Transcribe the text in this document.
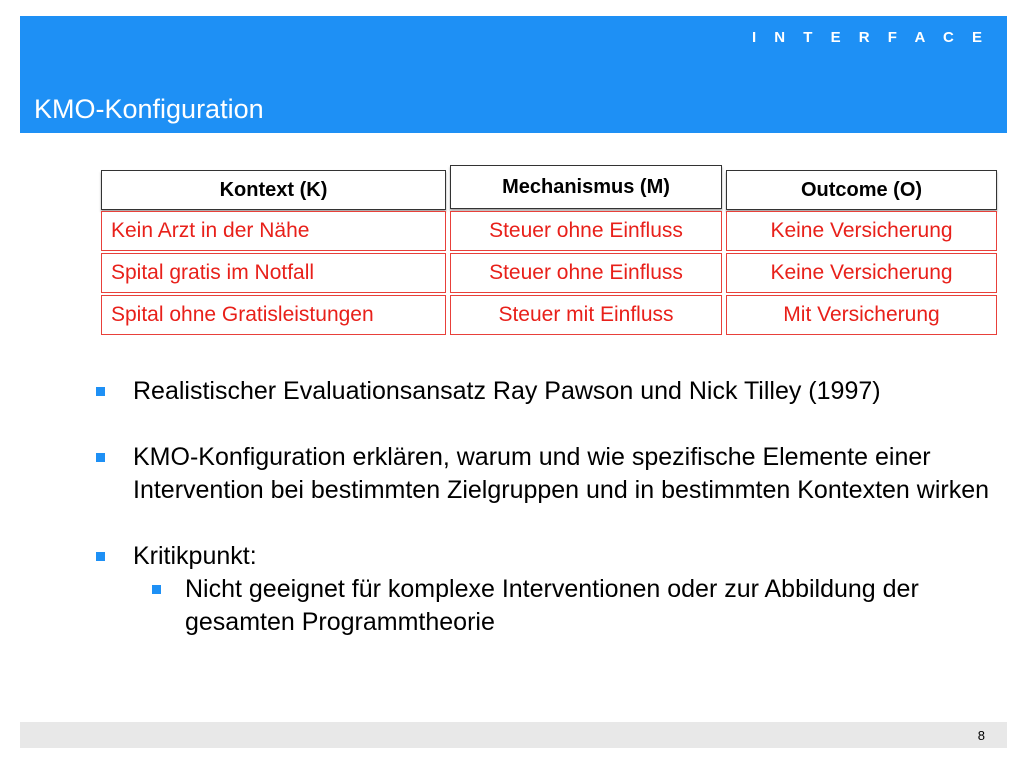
I N T E R F A C E
KMO-Konfiguration
Kontext (K)
Kein Arzt in der Nähe
Spital gratis im Notfall
Spital ohne Gratisleistungen
Mechanismus (M)
Steuer ohne Einfluss
Steuer ohne Einfluss
Steuer mit Einfluss
Outcome (O)
Keine Versicherung
Keine Versicherung
Mit Versicherung
Realistischer Evaluationsansatz Ray Pawson und Nick Tilley (1997)
KMO-Konfiguration erklären, warum und wie spezifische Elemente einer Intervention bei bestimmten Zielgruppen und in bestimmten Kontexten wirken
Kritikpunkt:
Nicht geeignet für komplexe Interventionen oder zur Abbildung der gesamten Programmtheorie
8
